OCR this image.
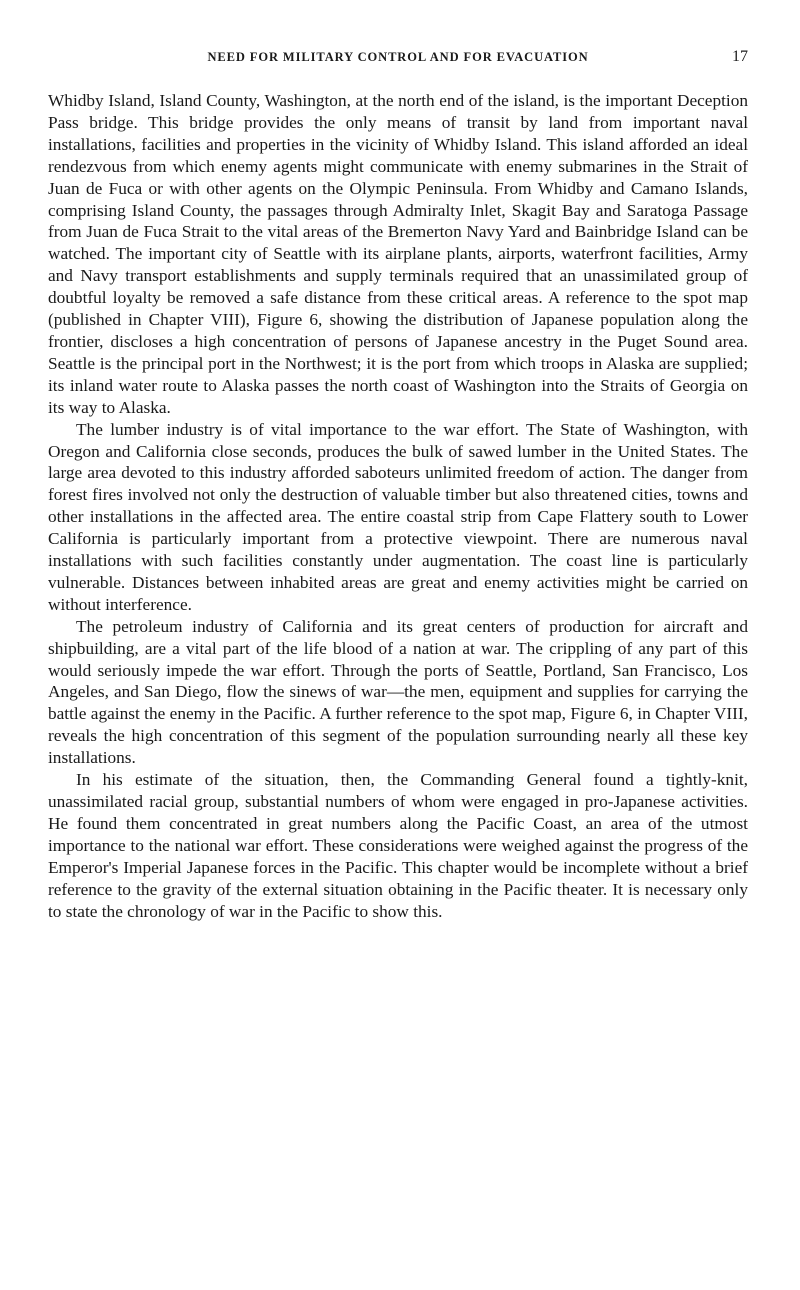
NEED FOR MILITARY CONTROL AND FOR EVACUATION	17

Whidby Island, Island County, Washington, at the north end of the island, is the important Deception Pass bridge. This bridge provides the only means of transit by land from important naval installations, facilities and properties in the vicinity of Whidby Island. This island afforded an ideal rendezvous from which enemy agents might communicate with enemy submarines in the Strait of Juan de Fuca or with other agents on the Olympic Peninsula. From Whidby and Camano Islands, comprising Island County, the passages through Admiralty Inlet, Skagit Bay and Saratoga Passage from Juan de Fuca Strait to the vital areas of the Bremerton Navy Yard and Bainbridge Island can be watched. The important city of Seattle with its airplane plants, airports, waterfront facilities, Army and Navy transport establishments and supply terminals required that an unassimilated group of doubtful loyalty be removed a safe distance from these critical areas. A reference to the spot map (published in Chapter VIII), Figure 6, showing the distribution of Japanese population along the frontier, discloses a high concentration of persons of Japanese ancestry in the Puget Sound area. Seattle is the principal port in the Northwest; it is the port from which troops in Alaska are supplied; its inland water route to Alaska passes the north coast of Washington into the Straits of Georgia on its way to Alaska.

The lumber industry is of vital importance to the war effort. The State of Washington, with Oregon and California close seconds, produces the bulk of sawed lumber in the United States. The large area devoted to this industry afforded saboteurs unlimited freedom of action. The danger from forest fires involved not only the destruction of valuable timber but also threatened cities, towns and other installations in the affected area. The entire coastal strip from Cape Flattery south to Lower California is particularly important from a protective viewpoint. There are numerous naval installations with such facilities constantly under augmentation. The coast line is particularly vulnerable. Distances between inhabited areas are great and enemy activities might be carried on without interference.

The petroleum industry of California and its great centers of production for aircraft and shipbuilding, are a vital part of the life blood of a nation at war. The crippling of any part of this would seriously impede the war effort. Through the ports of Seattle, Portland, San Francisco, Los Angeles, and San Diego, flow the sinews of war—the men, equipment and supplies for carrying the battle against the enemy in the Pacific. A further reference to the spot map, Figure 6, in Chapter VIII, reveals the high concentration of this segment of the population surrounding nearly all these key installations.

In his estimate of the situation, then, the Commanding General found a tightly-knit, unassimilated racial group, substantial numbers of whom were engaged in pro-Japanese activities. He found them concentrated in great numbers along the Pacific Coast, an area of the utmost importance to the national war effort. These considerations were weighed against the progress of the Emperor's Imperial Japanese forces in the Pacific. This chapter would be incomplete without a brief reference to the gravity of the external situation obtaining in the Pacific theater. It is necessary only to state the chronology of war in the Pacific to show this.
